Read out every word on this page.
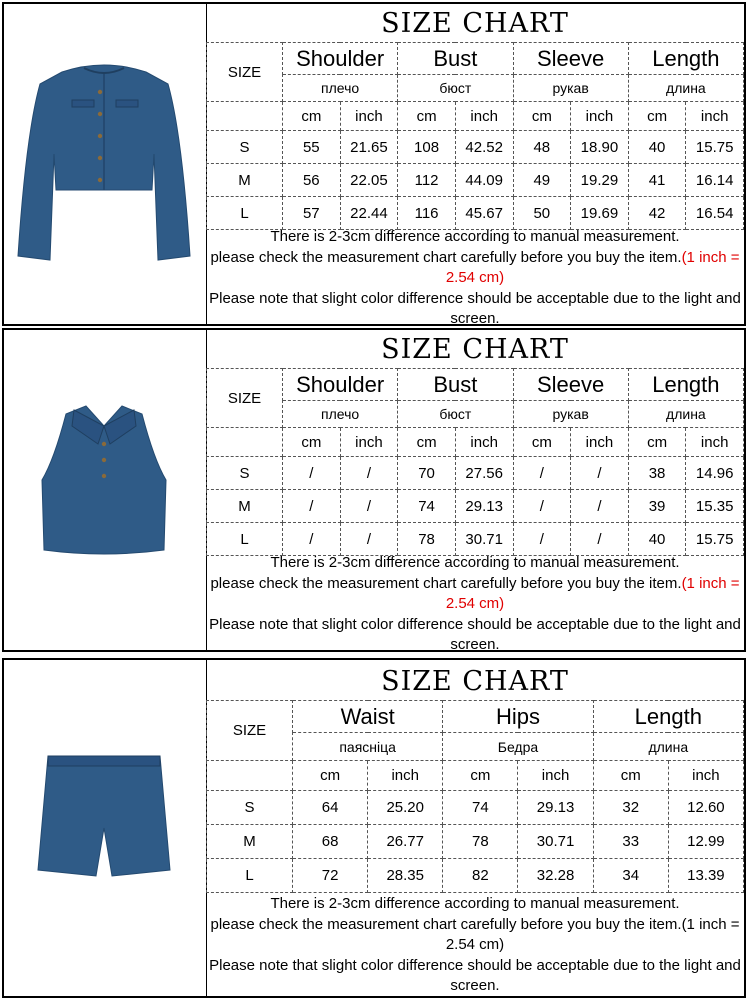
SIZE CHART
SIZE	Shoulder		Bust		Sleeve		Length	
	плечо		бюст		рукав		длина	
	cm	inch	cm	inch	cm	inch	cm	inch
S	55	21.65	108	42.52	48	18.90	40	15.75
M	56	22.05	112	44.09	49	19.29	41	16.14
L	57	22.44	116	45.67	50	19.69	42	16.54
There is 2-3cm difference according to manual measurement.
please check the measurement chart carefully before you buy the item.(1 inch = 2.54 cm)
Please note that slight color difference should be acceptable due to the light and screen.
SIZE CHART
SIZE	Shoulder		Bust		Sleeve		Length	
	плечо		бюст		рукав		длина	
	cm	inch	cm	inch	cm	inch	cm	inch
S	/	/	70	27.56	/	/	38	14.96
M	/	/	74	29.13	/	/	39	15.35
L	/	/	78	30.71	/	/	40	15.75
There is 2-3cm difference according to manual measurement.
please check the measurement chart carefully before you buy the item.(1 inch = 2.54 cm)
Please note that slight color difference should be acceptable due to the light and screen.
SIZE CHART
SIZE	Waist		Hips		Length	
	паясніца		Бедра		длина	
	cm	inch	cm	inch	cm	inch
S	64	25.20	74	29.13	32	12.60
M	68	26.77	78	30.71	33	12.99
L	72	28.35	82	32.28	34	13.39
There is 2-3cm difference according to manual measurement.
please check the measurement chart carefully before you buy the item.(1 inch = 2.54 cm)
Please note that slight color difference should be acceptable due to the light and screen.
